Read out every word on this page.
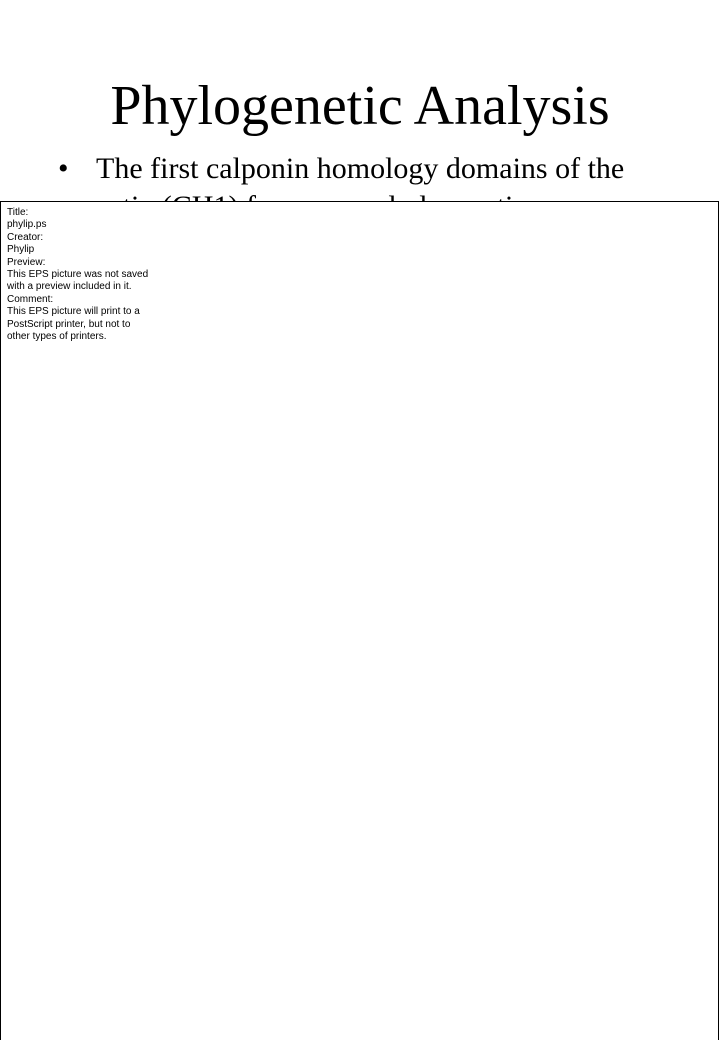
Phylogenetic Analysis
• The first calponin homology domains of the
Title:
phylip.ps
Creator:
Phylip
Preview:
This EPS picture was not saved
with a preview included in it.
Comment:
This EPS picture will print to a
PostScript printer, but not to
other types of printers.
